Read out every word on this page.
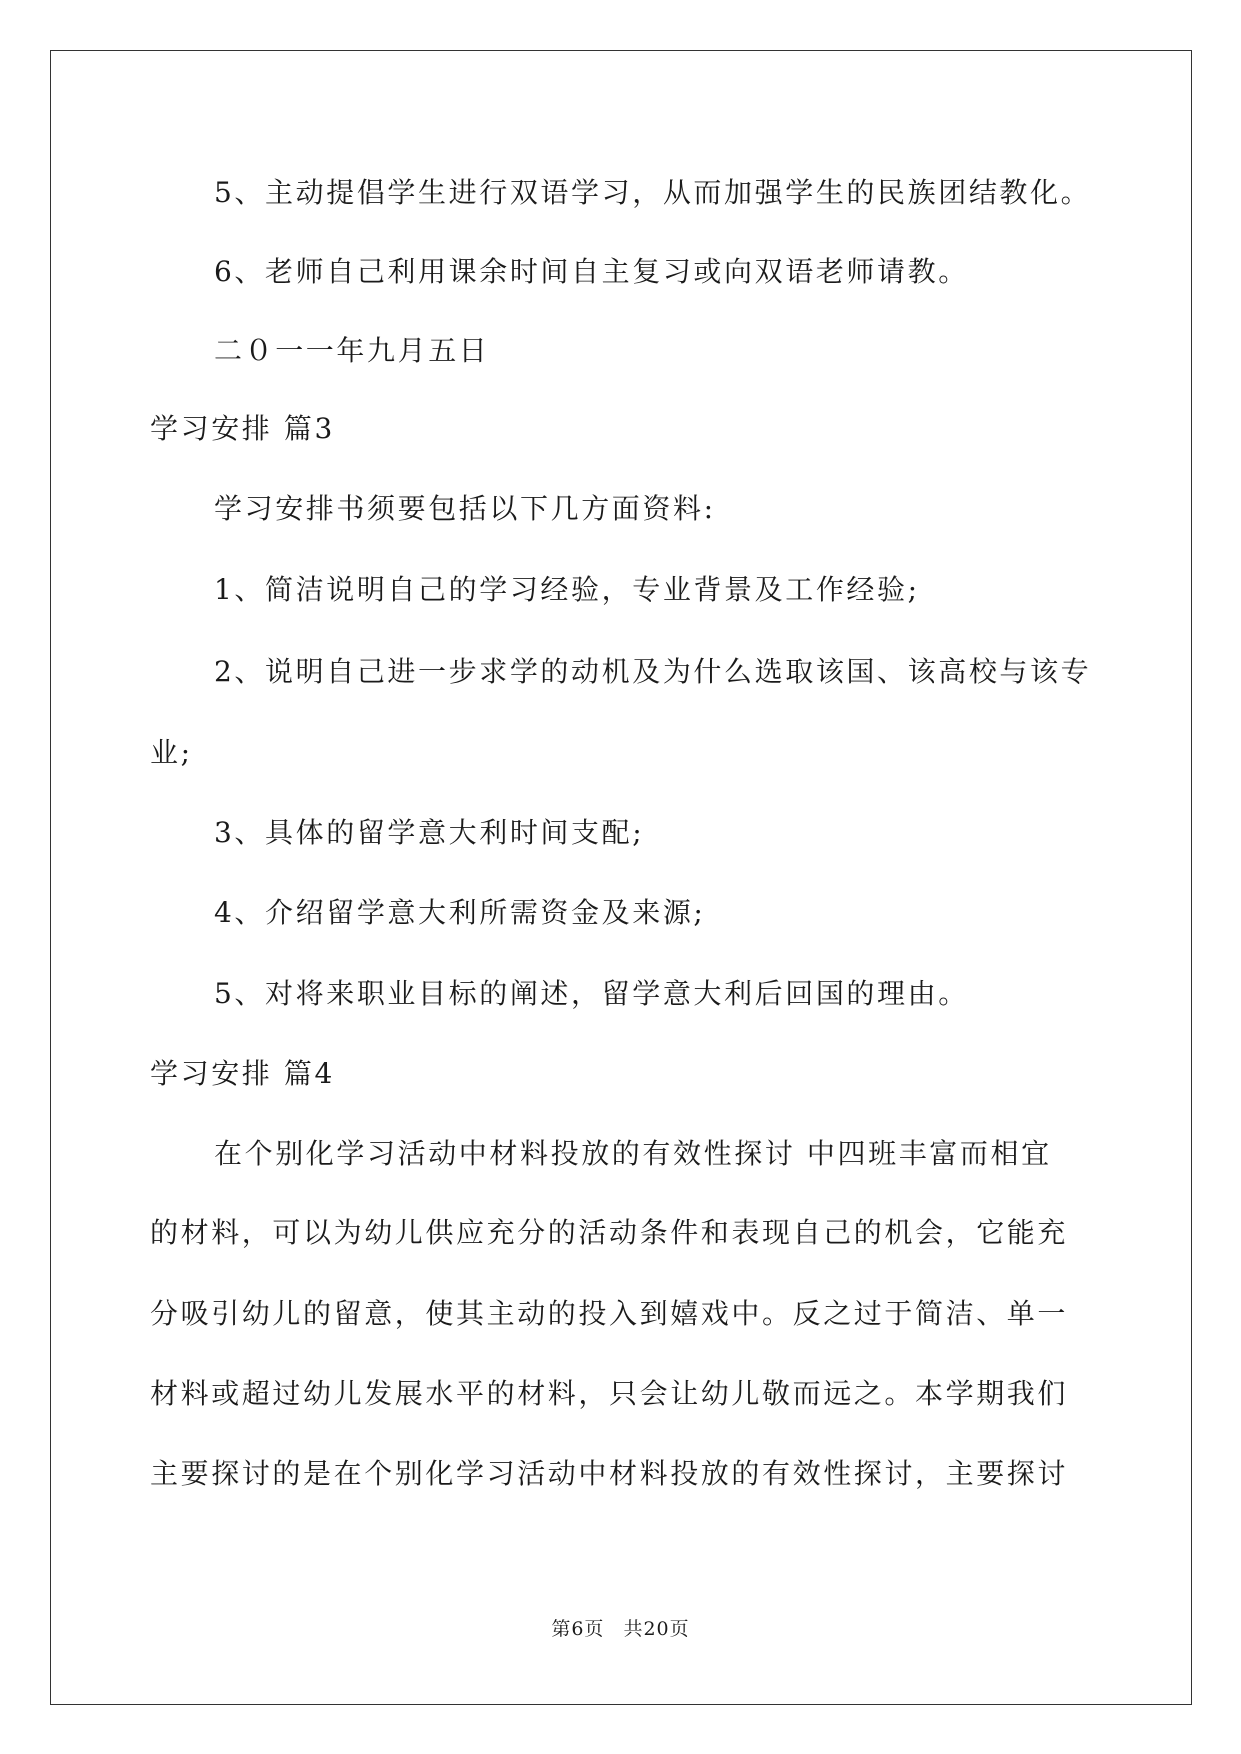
5、主动提倡学生进行双语学习，从而加强学生的民族团结教化。
6、老师自己利用课余时间自主复习或向双语老师请教。
二０一一年九月五日
学习安排 篇3
学习安排书须要包括以下几方面资料:
1、简洁说明自己的学习经验，专业背景及工作经验;
2、说明自己进一步求学的动机及为什么选取该国、该高校与该专
业;
3、具体的留学意大利时间支配;
4、介绍留学意大利所需资金及来源;
5、对将来职业目标的阐述，留学意大利后回国的理由。
学习安排 篇4
在个别化学习活动中材料投放的有效性探讨 中四班丰富而相宜
的材料，可以为幼儿供应充分的活动条件和表现自己的机会，它能充
分吸引幼儿的留意，使其主动的投入到嬉戏中。反之过于简洁、单一
材料或超过幼儿发展水平的材料，只会让幼儿敬而远之。本学期我们
主要探讨的是在个别化学习活动中材料投放的有效性探讨，主要探讨
第6页 共20页
